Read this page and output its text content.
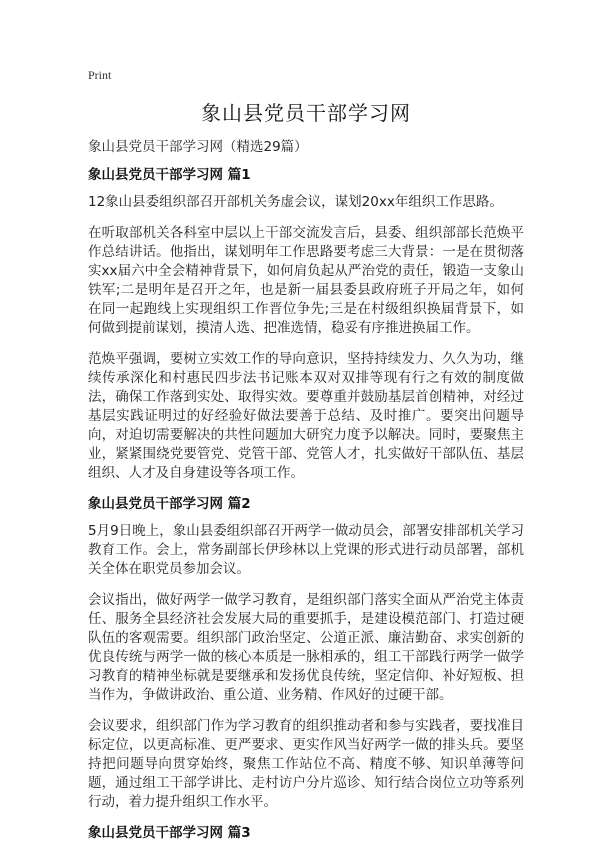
Print
象山县党员干部学习网
象山县党员干部学习网（精选29篇）
象山县党员干部学习网 篇1

12象山县委组织部召开部机关务虚会议，谋划20xx年组织工作思路。

在听取部机关各科室中层以上干部交流发言后，县委、组织部部长范焕平作总结讲话。他指出，谋划明年工作思路要考虑三大背景：一是在贯彻落实xx届六中全会精神背景下，如何肩负起从严治党的责任，锻造一支象山铁军;二是明年是召开之年，也是新一届县委县政府班子开局之年，如何在同一起跑线上实现组织工作晋位争先;三是在村级组织换届背景下，如何做到提前谋划，摸清人选、把准选情，稳妥有序推进换届工作。

范焕平强调，要树立实效工作的导向意识，坚持持续发力、久久为功，继续传承深化和村惠民四步法书记账本双对双排等现有行之有效的制度做法，确保工作落到实处、取得实效。要尊重并鼓励基层首创精神，对经过基层实践证明过的好经验好做法要善于总结、及时推广。要突出问题导向，对迫切需要解决的共性问题加大研究力度予以解决。同时，要聚焦主业，紧紧围绕党要管党、党管干部、党管人才，扎实做好干部队伍、基层组织、人才及自身建设等各项工作。

象山县党员干部学习网 篇2

5月9日晚上，象山县委组织部召开两学一做动员会，部署安排部机关学习教育工作。会上，常务副部长伊珍林以上党课的形式进行动员部署，部机关全体在职党员参加会议。

会议指出，做好两学一做学习教育，是组织部门落实全面从严治党主体责任、服务全县经济社会发展大局的重要抓手，是建设模范部门、打造过硬队伍的客观需要。组织部门政治坚定、公道正派、廉洁勤奋、求实创新的优良传统与两学一做的核心本质是一脉相承的，组工干部践行两学一做学习教育的精神坐标就是要继承和发扬优良传统，坚定信仰、补好短板、担当作为，争做讲政治、重公道、业务精、作风好的过硬干部。

会议要求，组织部门作为学习教育的组织推动者和参与实践者，要找准目标定位，以更高标准、更严要求、更实作风当好两学一做的排头兵。要坚持把问题导向贯穿始终，聚焦工作站位不高、精度不够、知识单薄等问题，通过组工干部学讲比、走村访户分片巡诊、知行结合岗位立功等系列行动，着力提升组织工作水平。

象山县党员干部学习网 篇3
